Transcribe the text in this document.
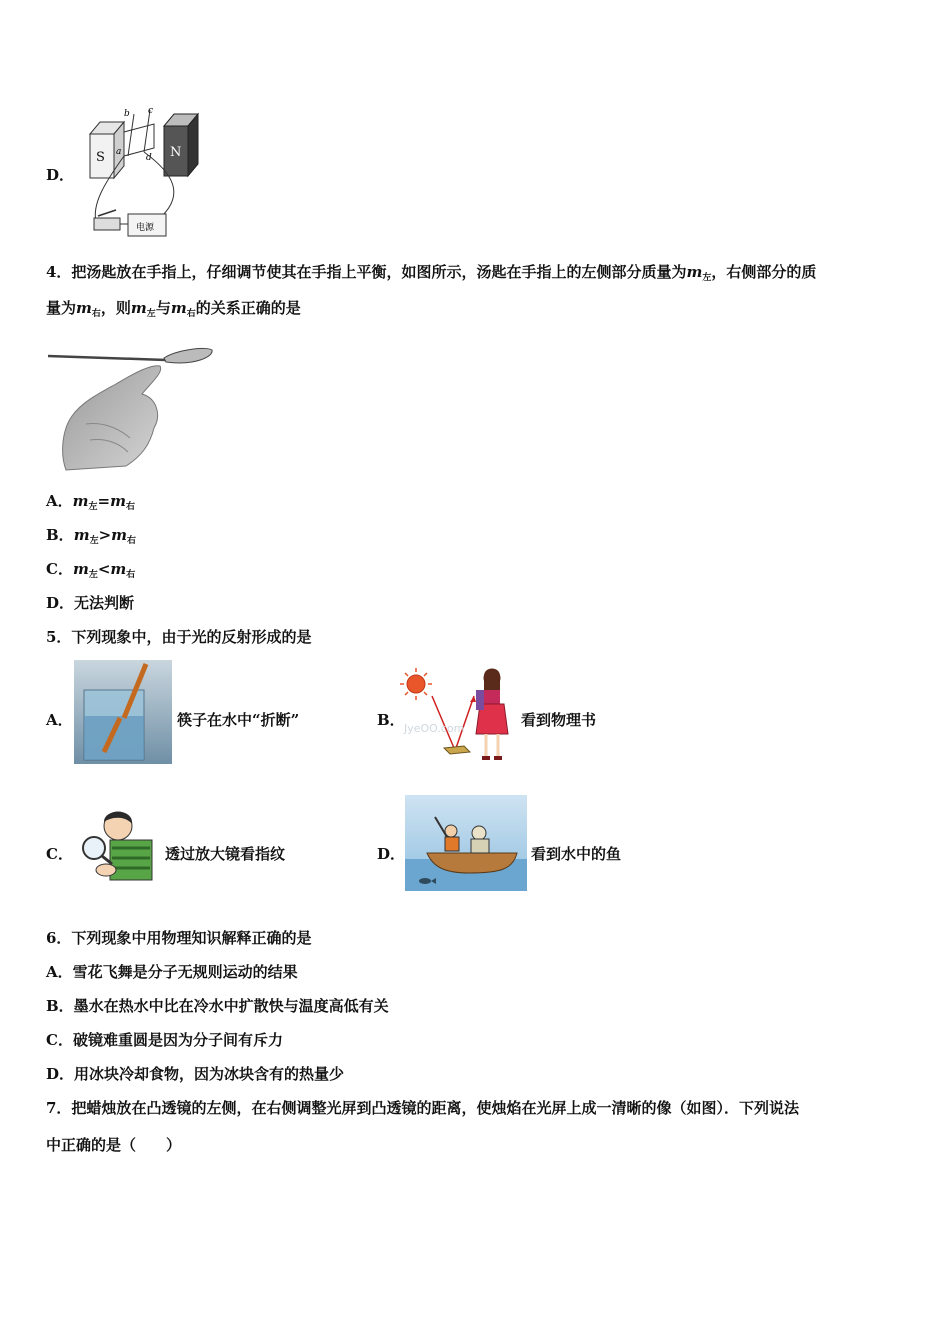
D．
S	N
b c
a
d
电源
4．把汤匙放在手指上，仔细调节使其在手指上平衡，如图所示，汤匙在手指上的左侧部分质量为$m_左$，右侧部分的质
量为$m_右$，则$m_左$与$m_右$的关系正确的是
A．$m_左=m_右$
B．$m_左>m_右$
C．$m_左<m_右$
D．无法判断
5．下列现象中，由于光的反射形成的是
A．	筷子在水中“折断”	B． JyeOO.com	看到物理书
C．	透过放大镜看指纹	D．	看到水中的鱼
6．下列现象中用物理知识解释正确的是
A．雪花飞舞是分子无规则运动的结果
B．墨水在热水中比在冷水中扩散快与温度高低有关
C．破镜难重圆是因为分子间有斥力
D．用冰块冷却食物，因为冰块含有的热量少
7．把蜡烛放在凸透镜的左侧，在右侧调整光屏到凸透镜的距离，使烛焰在光屏上成一清晰的像（如图）．下列说法
中正确的是（　　）
